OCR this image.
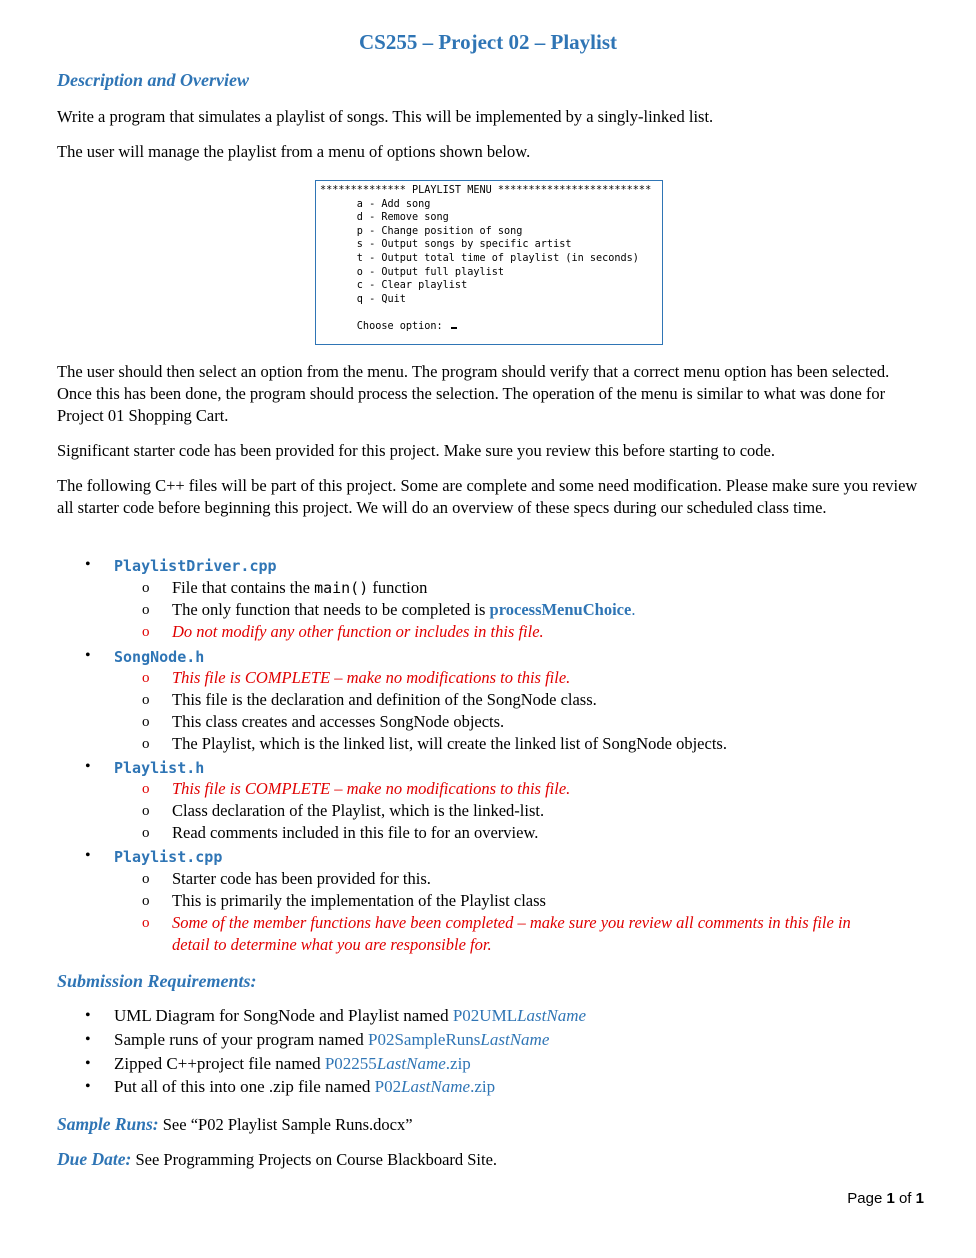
CS255 – Project 02 – Playlist
Description and Overview
Write a program that simulates a playlist of songs. This will be implemented by a singly-linked list.
The user will manage the playlist from a menu of options shown below.
************** PLAYLIST MENU *************************
a - Add song
d - Remove song
p - Change position of song
s - Output songs by specific artist
t - Output total time of playlist (in seconds)
o - Output full playlist
c - Clear playlist
q - Quit

Choose option:
The user should then select an option from the menu. The program should verify that a correct menu option has been selected. Once this has been done, the program should process the selection. The operation of the menu is similar to what was done for Project 01 Shopping Cart.
Significant starter code has been provided for this project. Make sure you review this before starting to code.
The following C++ files will be part of this project. Some are complete and some need modification. Please make sure you review all starter code before beginning this project. We will do an overview of these specs during our scheduled class time.
• PlaylistDriver.cpp
o File that contains the main() function
o The only function that needs to be completed is processMenuChoice.
o Do not modify any other function or includes in this file.
• SongNode.h
o This file is COMPLETE – make no modifications to this file.
o This file is the declaration and definition of the SongNode class.
o This class creates and accesses SongNode objects.
o The Playlist, which is the linked list, will create the linked list of SongNode objects.
• Playlist.h
o This file is COMPLETE – make no modifications to this file.
o Class declaration of the Playlist, which is the linked-list.
o Read comments included in this file to for an overview.
• Playlist.cpp
o Starter code has been provided for this.
o This is primarily the implementation of the Playlist class
o Some of the member functions have been completed – make sure you review all comments in this file in
detail to determine what you are responsible for.
Submission Requirements:
• UML Diagram for SongNode and Playlist named P02UMLLastName
• Sample runs of your program named P02SampleRunsLastName
• Zipped C++project file named P02255LastName.zip
• Put all of this into one .zip file named P02LastName.zip
Sample Runs: See “P02 Playlist Sample Runs.docx”
Due Date: See Programming Projects on Course Blackboard Site.
Page 1 of 1
